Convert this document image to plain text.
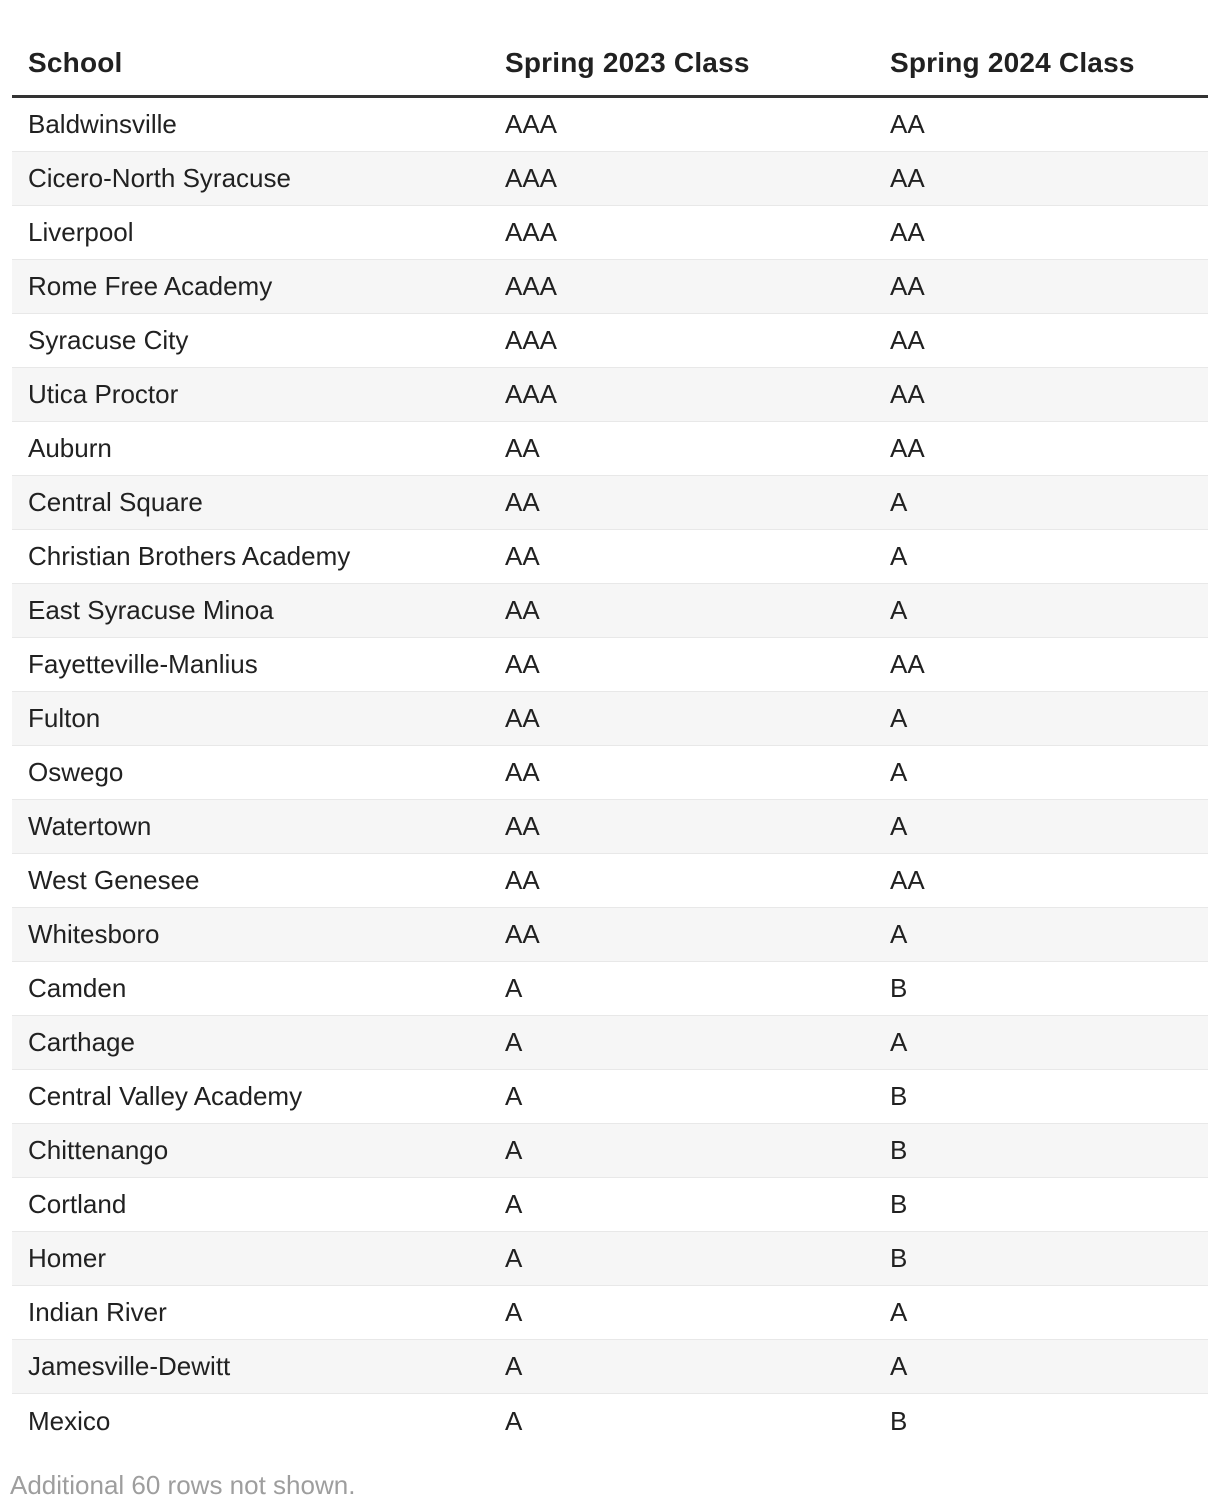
School	Spring 2023 Class	Spring 2024 Class
Baldwinsville	AAA	AA
Cicero-North Syracuse	AAA	AA
Liverpool	AAA	AA
Rome Free Academy	AAA	AA
Syracuse City	AAA	AA
Utica Proctor	AAA	AA
Auburn	AA	AA
Central Square	AA	A
Christian Brothers Academy	AA	A
East Syracuse Minoa	AA	A
Fayetteville-Manlius	AA	AA
Fulton	AA	A
Oswego	AA	A
Watertown	AA	A
West Genesee	AA	AA
Whitesboro	AA	A
Camden	A	B
Carthage	A	A
Central Valley Academy	A	B
Chittenango	A	B
Cortland	A	B
Homer	A	B
Indian River	A	A
Jamesville-Dewitt	A	A
Mexico	A	B
Additional 60 rows not shown.
